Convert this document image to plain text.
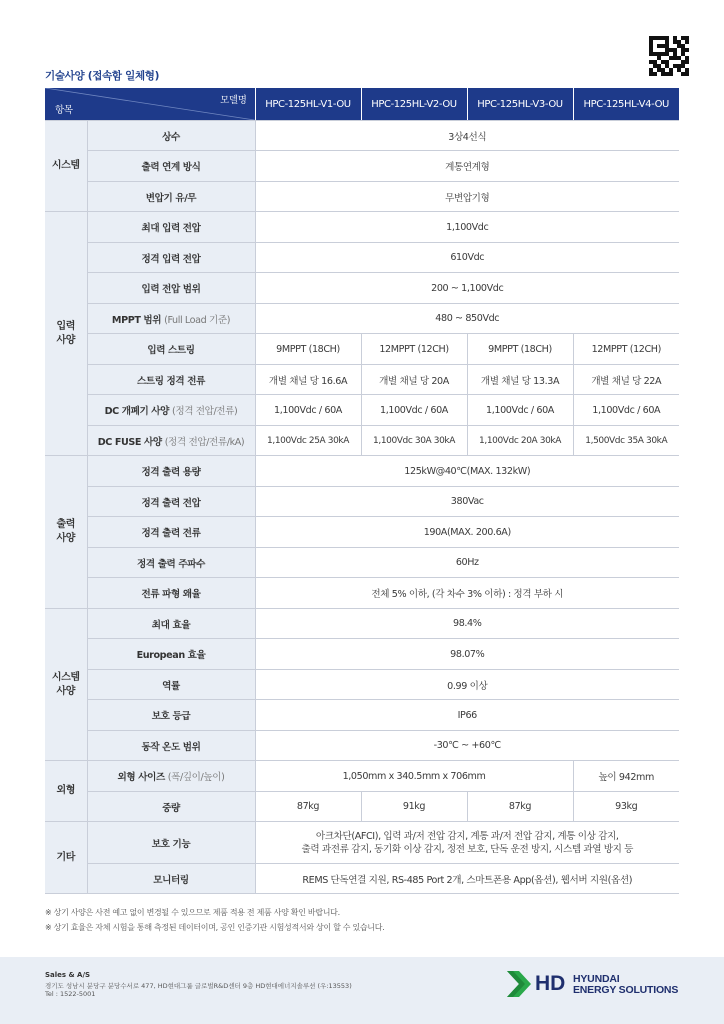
기술사양 (접속함 일체형)
모델명
항목		HPC-125HL-V1-OU	HPC-125HL-V2-OU	HPC-125HL-V3-OU	HPC-125HL-V4-OU
시스템	상수	3상4선식			
	출력 연계 방식	계통연계형			
	변압기 유/무	무변압기형			
입력
사양	최대 입력 전압	1,100Vdc			
	정격 입력 전압	610Vdc			
	입력 전압 범위	200 ~ 1,100Vdc			
	MPPT 범위 (Full Load 기준)	480 ~ 850Vdc			
	입력 스트링	9MPPT (18CH)	12MPPT (12CH)	9MPPT (18CH)	12MPPT (12CH)
	스트링 정격 전류	개별 채널 당 16.6A	개별 채널 당 20A	개별 채널 당 13.3A	개별 채널 당 22A
	DC 개폐기 사양 (정격 전압/전류)	1,100Vdc / 60A	1,100Vdc / 60A	1,100Vdc / 60A	1,100Vdc / 60A
	DC FUSE 사양 (정격 전압/전류/kA)	1,100Vdc 25A 30kA	1,100Vdc 30A 30kA	1,100Vdc 20A 30kA	1,500Vdc 35A 30kA
출력
사양	정격 출력 용량	125kW@40℃(MAX. 132kW)			
	정격 출력 전압	380Vac			
	정격 출력 전류	190A(MAX. 200.6A)			
	정격 출력 주파수	60Hz			
	전류 파형 왜율	전체 5% 이하, (각 차수 3% 이하) : 정격 부하 시			
시스템
사양	최대 효율	98.4%			
	European 효율	98.07%			
	역률	0.99 이상			
	보호 등급	IP66			
	동작 온도 범위	-30℃ ~ +60℃			
외형	외형 사이즈 (폭/깊이/높이)	1,050mm x 340.5mm x 706mm			높이 942mm
	중량	87kg	91kg	87kg	93kg
기타	보호 기능	아크차단(AFCI), 입력 과/저 전압 감지, 계통 과/저 전압 감지, 계통 이상 감지,
출력 과전류 감지, 동기화 이상 감지, 정전 보호, 단독 운전 방지, 시스템 과열 방지 등			

	모니터링	REMS 단독연결 지원, RS-485 Port 2개, 스마트폰용 App(옵션), 웹서버 지원(옵션)			
※ 상기 사양은 사전 예고 없이 변경될 수 있으므로 제품 적용 전 제품 사양 확인 바랍니다.
※ 상기 효율은 자체 시험을 통해 측정된 데이터이며, 공인 인증기관 시험성적서와 상이 할 수 있습니다.
Sales & A/S
경기도 성남시 분당구 분당수서로 477, HD현대그룹 글로벌R&D센터 9층 HD현대에너지솔루션 (우:13553)
Tel : 1522-5001	HD HYUNDAI
ENERGY SOLUTIONS
